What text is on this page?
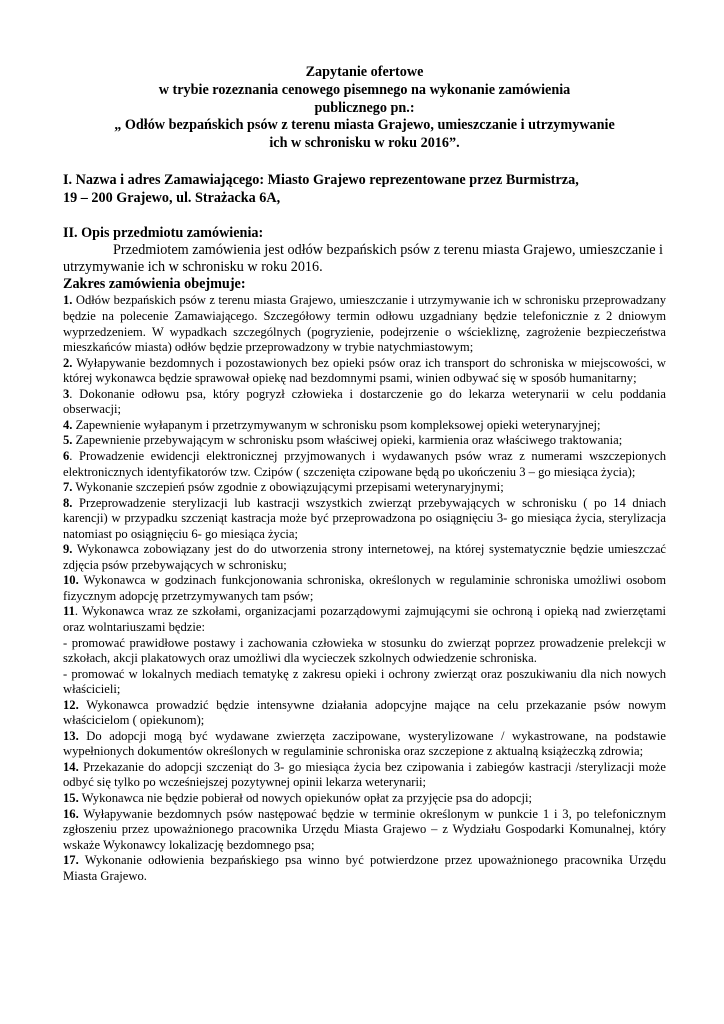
Zapytanie ofertowe
w trybie rozeznania cenowego pisemnego na wykonanie zamówienia
publicznego pn.:
„ Odłów bezpańskich psów z terenu miasta Grajewo, umieszczanie i utrzymywanie
ich w schronisku w roku 2016”.
I. Nazwa i adres Zamawiającego: Miasto Grajewo reprezentowane przez Burmistrza,
19 – 200 Grajewo, ul. Strażacka 6A,
II. Opis przedmiotu zamówienia:
Przedmiotem zamówienia jest odłów bezpańskich psów z terenu miasta Grajewo, umieszczanie i utrzymywanie ich w schronisku w roku 2016.
Zakres zamówienia obejmuje:

1. Odłów bezpańskich psów z terenu miasta Grajewo, umieszczanie i utrzymywanie ich w schronisku przeprowadzany będzie na polecenie Zamawiającego. Szczegółowy termin odłowu uzgadniany będzie telefonicznie z 2 dniowym wyprzedzeniem. W wypadkach szczególnych (pogryzienie, podejrzenie o wściekliznę, zagrożenie bezpieczeństwa mieszkańców miasta) odłów będzie przeprowadzony w trybie natychmiastowym;

2. Wyłapywanie bezdomnych i pozostawionych bez opieki psów oraz ich transport do schroniska w miejscowości, w której wykonawca będzie sprawował opiekę nad bezdomnymi psami, winien odbywać się w sposób humanitarny;

3. Dokonanie odłowu psa, który pogryzł człowieka i dostarczenie go do lekarza weterynarii w celu poddania obserwacji;

4. Zapewnienie wyłapanym i przetrzymywanym w schronisku psom kompleksowej opieki weterynaryjnej;

5. Zapewnienie przebywającym w schronisku psom właściwej opieki, karmienia oraz właściwego traktowania;

6. Prowadzenie ewidencji elektronicznej przyjmowanych i wydawanych psów wraz z numerami wszczepionych elektronicznych identyfikatorów tzw. Czipów ( szczenięta czipowane będą po ukończeniu 3 – go miesiąca życia);

7. Wykonanie szczepień psów zgodnie z obowiązującymi przepisami weterynaryjnymi;

8. Przeprowadzenie sterylizacji lub kastracji wszystkich zwierząt przebywających w schronisku ( po 14 dniach karencji) w przypadku szczeniąt kastracja może być przeprowadzona po osiągnięciu 3- go miesiąca życia, sterylizacja natomiast po osiągnięciu 6- go miesiąca życia;

9. Wykonawca zobowiązany jest do do utworzenia strony internetowej, na której systematycznie będzie umieszczać zdjęcia psów przebywających w schronisku;

10. Wykonawca w godzinach funkcjonowania schroniska, określonych w regulaminie schroniska umożliwi osobom fizycznym adopcję przetrzymywanych tam psów;

11. Wykonawca wraz ze szkołami, organizacjami pozarządowymi zajmującymi sie ochroną i opieką nad zwierzętami oraz wolntariuszami będzie:

- promować prawidłowe postawy i zachowania człowieka w stosunku do zwierząt poprzez prowadzenie prelekcji w szkołach, akcji plakatowych oraz umożliwi dla wycieczek szkolnych odwiedzenie schroniska.

- promować w lokalnych mediach tematykę z zakresu opieki i ochrony zwierząt oraz poszukiwaniu dla nich nowych właścicieli;

12. Wykonawca prowadzić będzie intensywne działania adopcyjne mające na celu przekazanie psów nowym właścicielom ( opiekunom);

13. Do adopcji mogą być wydawane zwierzęta zaczipowane, wysterylizowane / wykastrowane, na podstawie wypełnionych dokumentów określonych w regulaminie schroniska oraz szczepione z aktualną książeczką zdrowia;

14. Przekazanie do adopcji szczeniąt do 3- go miesiąca życia bez czipowania i zabiegów kastracji /sterylizacji może odbyć się tylko po wcześniejszej pozytywnej opinii lekarza weterynarii;

15. Wykonawca nie będzie pobierał od nowych opiekunów opłat za przyjęcie psa do adopcji;

16. Wyłapywanie bezdomnych psów następować będzie w terminie określonym w punkcie 1 i 3, po telefonicznym zgłoszeniu przez upoważnionego pracownika Urzędu Miasta Grajewo – z Wydziału Gospodarki Komunalnej, który wskaże Wykonawcy lokalizację bezdomnego psa;

17. Wykonanie odłowienia bezpańskiego psa winno być potwierdzone przez upoważnionego pracownika Urzędu Miasta Grajewo.
